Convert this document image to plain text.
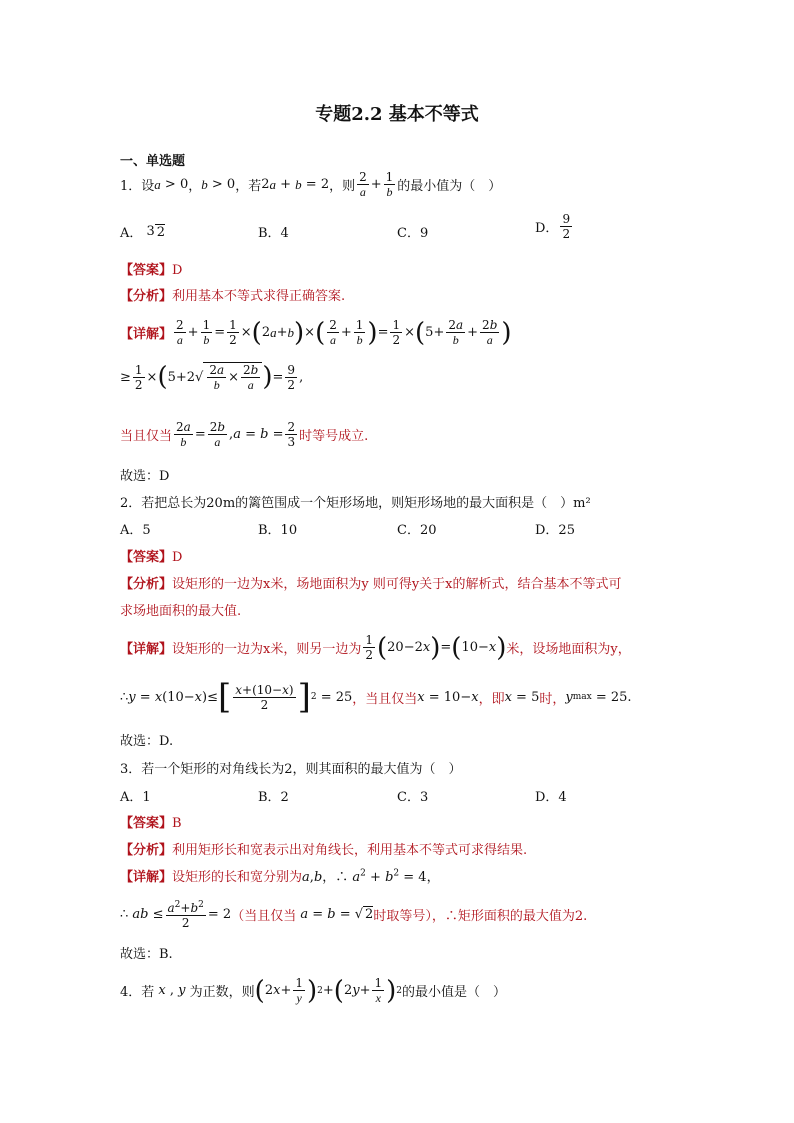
专题2.2 基本不等式
一、单选题
1． 设 a > 0 ， b > 0 ，若 2 a + b = 2 ，则 $\frac{2}{a} + \frac{1}{b}$ 的最小值为（　）
A． 3 2	B．4	C．9	D． $\frac{9}{2}$
【答案】D
【分析】利用基本不等式求得正确答案.
【详解】 $\frac{2}{a} + \frac{1}{b} = \frac{1}{2}$ × ( 2 a + b ) × ( $\frac{2}{a} + \frac{1}{b}$ ) = $\frac{1}{2}$ × ( $5+ \frac{2a}{b} + \frac{2b}{a}$ )
≥ $\frac{1}{2}$ × ( $5+2√ \frac{2a}{b} \times \frac{2b}{a}$ ) = $\frac{9}{2}$ ,
当且仅当 $\frac{2a}{b} = \frac{2b}{a}$ , $a = b = \frac{2}{3}$ 时等号成立.
故选：D
2．若把总长为20m的篱笆围成一个矩形场地，则矩形场地的最大面积是（　）m²
A．5	B．10	C．20	D．25
【答案】D
【分析】设矩形的一边为x米，场地面积为y 则可得y关于x的解析式，结合基本不等式可
求场地面积的最大值.
【详解】 设矩形的一边为x米，则另一边为 $\frac{1}{2}$ ( 20−2 x ) = ( 10− x ) 米，设场地面积为y，
∴ y = x (10− x )≤ [ $\frac{x+(10-x)}{2}$ ] 2 = 25 ，当且仅当 x = 10− x ，即 x = 5 时， y max = 25.
故选：D.
3．若一个矩形的对角线长为2，则其面积的最大值为（　）
A．1	B．2	C．3	D．4
【答案】B
【分析】利用矩形长和宽表示出对角线长，利用基本不等式可求得结果.
【详解】 设矩形的长和宽分别为 a,b，∴ $a^2 + b^2 = 4$，
∴ ab ≤ $\frac{a^2+b^2}{2} = 2$ （当且仅当 a = b = √ 2 时取等号），∴矩形面积的最大值为2.
故选：B.
4．若 x , y 为正数，则 ( 2 $x + \frac{1}{y}$ ) 2 + ( 2 $y + \frac{1}{x}$ ) 2 的最小值是（　）
